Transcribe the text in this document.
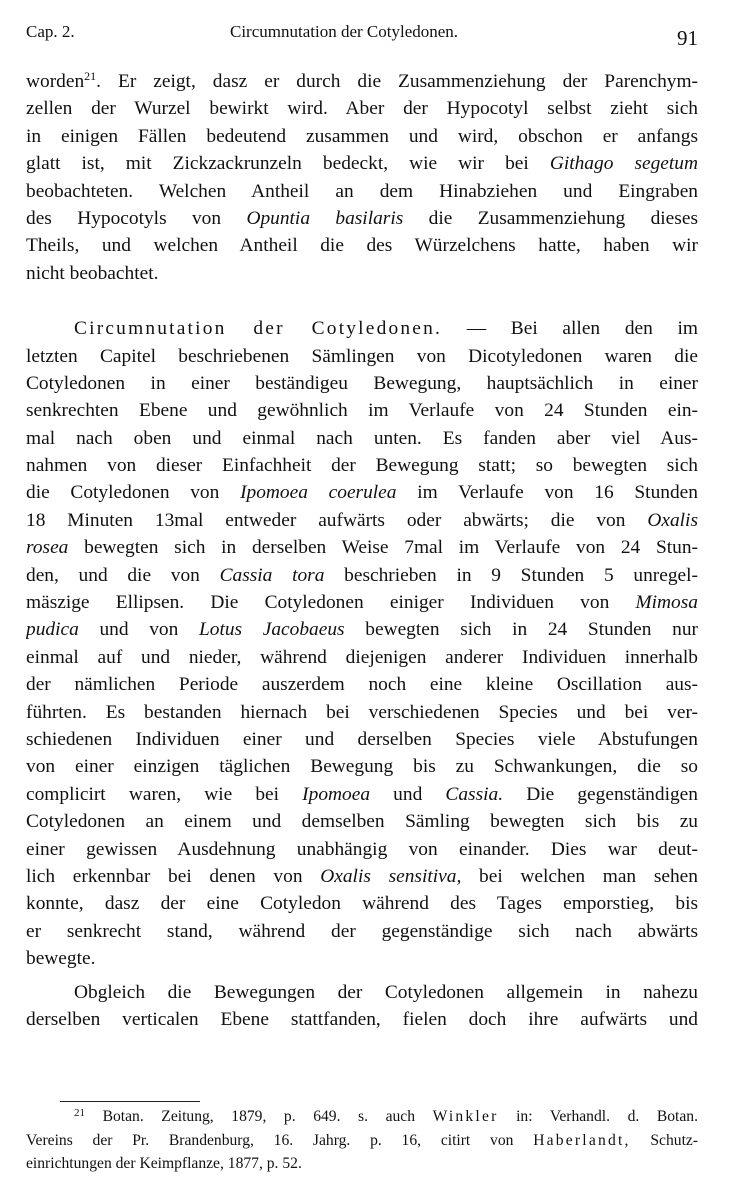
Cap. 2.	Circumnutation der Cotyledonen.	91

worden$^{21}$. Er zeigt, dasz er durch die Zusammenziehung der Parenchym-
zellen der Wurzel bewirkt wird. Aber der Hypocotyl selbst zieht sich
in einigen Fällen bedeutend zusammen und wird, obschon er anfangs
glatt ist, mit Zickzackrunzeln bedeckt, wie wir bei Githago segetum
beobachteten. Welchen Antheil an dem Hinabziehen und Eingraben
des Hypocotyls von Opuntia basilaris die Zusammenziehung dieses
Theils, und welchen Antheil die des Würzelchens hatte, haben wir
nicht beobachtet.

Circumnutation der Cotyledonen. — Bei allen den im
letzten Capitel beschriebenen Sämlingen von Dicotyledonen waren die
Cotyledonen in einer beständigeu Bewegung, hauptsächlich in einer
senkrechten Ebene und gewöhnlich im Verlaufe von 24 Stunden ein-
mal nach oben und einmal nach unten. Es fanden aber viel Aus-
nahmen von dieser Einfachheit der Bewegung statt; so bewegten sich
die Cotyledonen von Ipomoea coerulea im Verlaufe von 16 Stunden
18 Minuten 13mal entweder aufwärts oder abwärts; die von Oxalis
rosea bewegten sich in derselben Weise 7mal im Verlaufe von 24 Stun-
den, und die von Cassia tora beschrieben in 9 Stunden 5 unregel-
mäszige Ellipsen. Die Cotyledonen einiger Individuen von Mimosa
pudica und von Lotus Jacobaeus bewegten sich in 24 Stunden nur
einmal auf und nieder, während diejenigen anderer Individuen innerhalb
der nämlichen Periode auszerdem noch eine kleine Oscillation aus-
führten. Es bestanden hiernach bei verschiedenen Species und bei ver-
schiedenen Individuen einer und derselben Species viele Abstufungen
von einer einzigen täglichen Bewegung bis zu Schwankungen, die so
complicirt waren, wie bei Ipomoea und Cassia. Die gegenständigen
Cotyledonen an einem und demselben Sämling bewegten sich bis zu
einer gewissen Ausdehnung unabhängig von einander. Dies war deut-
lich erkennbar bei denen von Oxalis sensitiva, bei welchen man sehen
konnte, dasz der eine Cotyledon während des Tages emporstieg, bis
er senkrecht stand, während der gegenständige sich nach abwärts
bewegte.

Obgleich die Bewegungen der Cotyledonen allgemein in nahezu
derselben verticalen Ebene stattfanden, fielen doch ihre aufwärts und

$^{21}$ Botan. Zeitung, 1879, p. 649. s. auch Winkler in: Verhandl. d. Botan.
Vereins der Pr. Brandenburg, 16. Jahrg. p. 16, citirt von Haberlandt, Schutz-
einrichtungen der Keimpflanze, 1877, p. 52.
